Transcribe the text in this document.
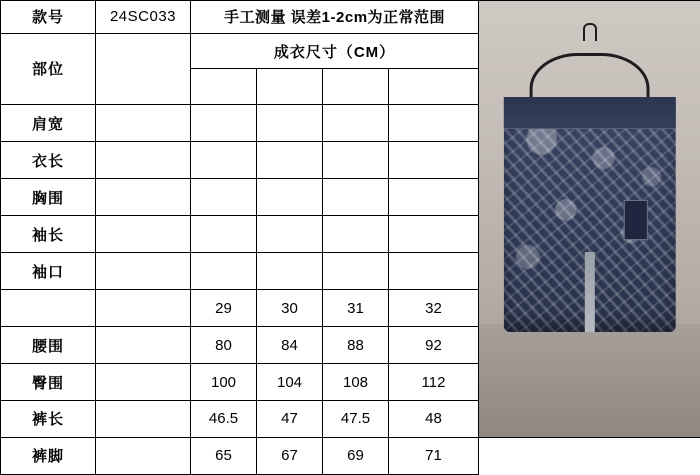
款号	24SC033	手工测量 误差1-2cm为正常范围				

部位		成衣尺寸（CM）				

肩宽						
衣长						
胸围						
袖长						
袖口						
		29	30	31	32	
腰围		80	84	88	92	
臀围		100	104	108	112	
裤长		46.5	47	47.5	48	
裤脚		65	67	69	71	
